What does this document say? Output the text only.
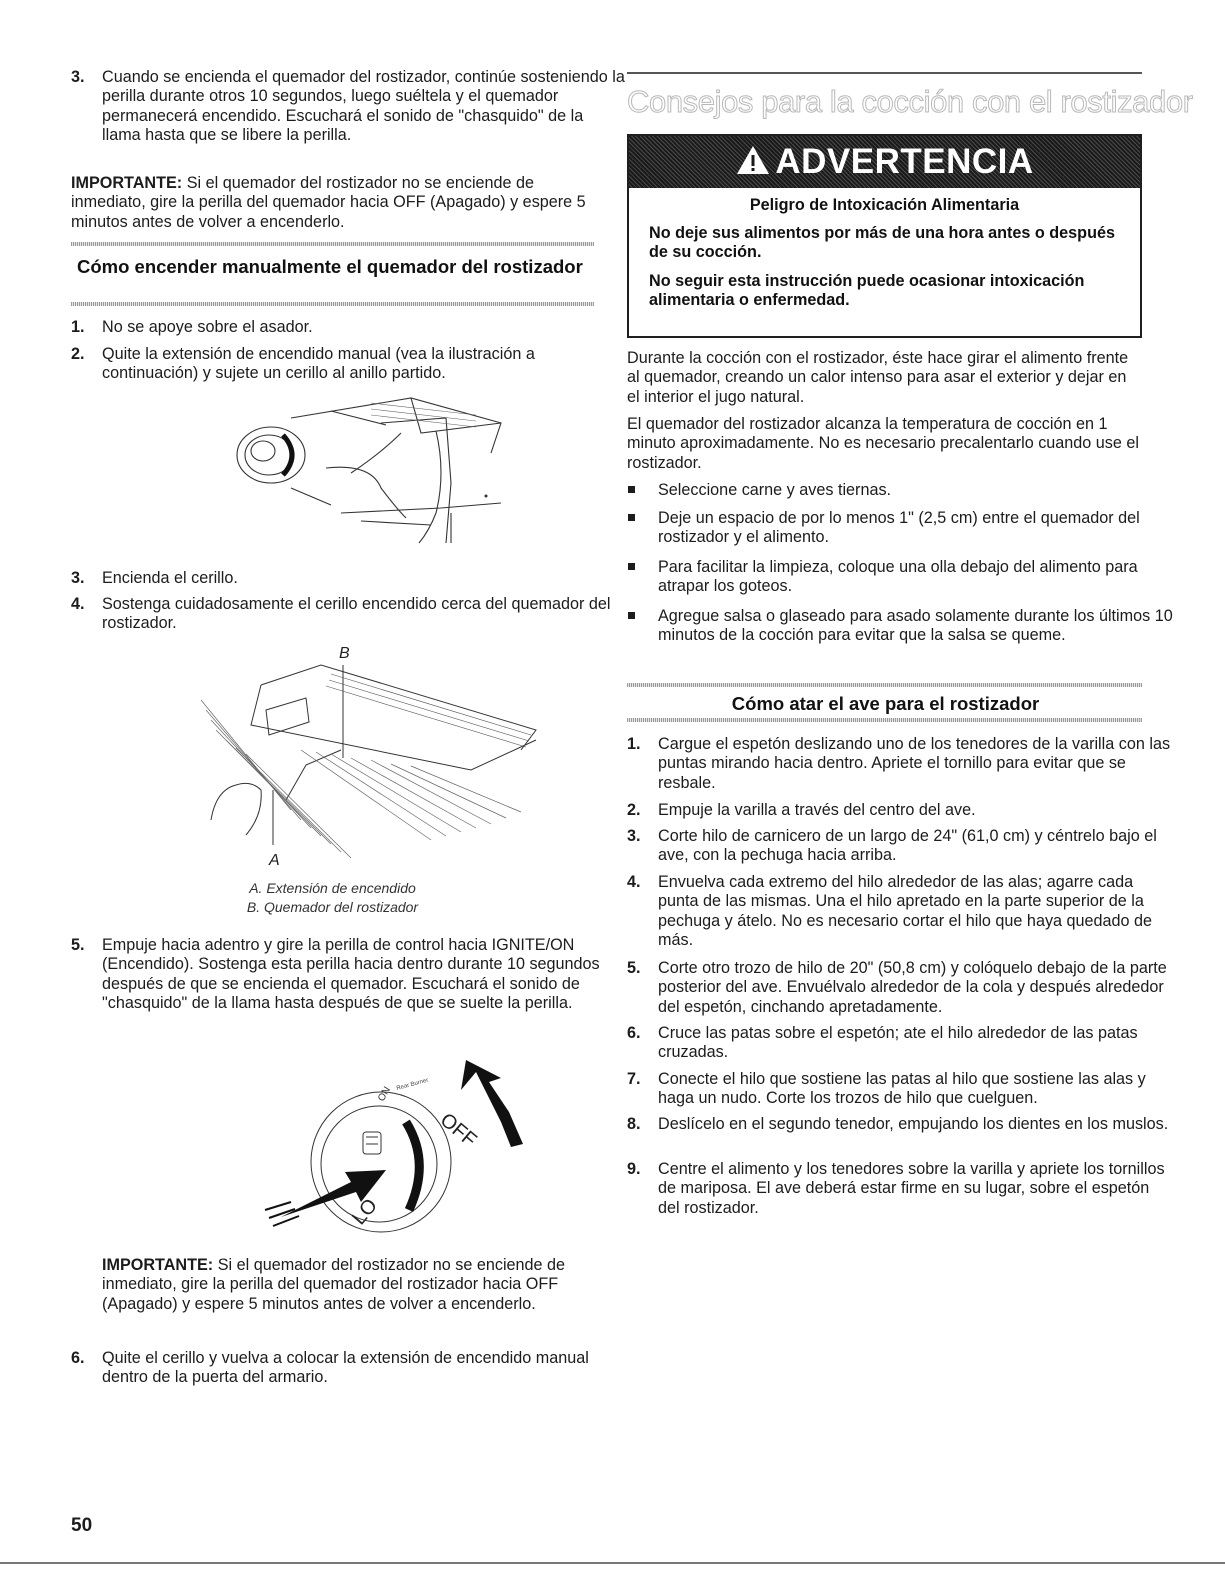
3. Cuando se encienda el quemador del rostizador, continúe sosteniendo la perilla durante otros 10 segundos, luego suéltela y el quemador permanecerá encendido. Escuchará el sonido de "chasquido" de la llama hasta que se libere la perilla.

IMPORTANTE: Si el quemador del rostizador no se enciende de inmediato, gire la perilla del quemador hacia OFF (Apagado) y espere 5 minutos antes de volver a encenderlo.

Cómo encender manualmente el quemador del rostizador
1. No se apoye sobre el asador.
2. Quite la extensión de encendido manual (vea la ilustración a continuación) y sujete un cerillo al anillo partido.
3. Encienda el cerillo.
4. Sostenga cuidadosamente el cerillo encendido cerca del quemador del rostizador.
B
A

A. Extensión de encendido

B. Quemador del rostizador

5. Empuje hacia adentro y gire la perilla de control hacia IGNITE/ON (Encendido). Sostenga esta perilla hacia dentro durante 10 segundos después de que se encienda el quemador. Escuchará el sonido de "chasquido" de la llama hasta después de que se suelte la perilla.
OFF
LO
ON
Rear Burner

IMPORTANTE: Si el quemador del rostizador no se enciende de inmediato, gire la perilla del quemador del rostizador hacia OFF (Apagado) y espere 5 minutos antes de volver a encenderlo.

6. Quite el cerillo y vuelva a colocar la extensión de encendido manual dentro de la puerta del armario.
Consejos para la cocción con el rostizador
ADVERTENCIA

Peligro de Intoxicación Alimentaria

No deje sus alimentos por más de una hora antes o después de su cocción.

No seguir esta instrucción puede ocasionar intoxicación alimentaria o enfermedad.

Durante la cocción con el rostizador, éste hace girar el alimento frente al quemador, creando un calor intenso para asar el exterior y dejar en el interior el jugo natural.

El quemador del rostizador alcanza la temperatura de cocción en 1 minuto aproximadamente. No es necesario precalentarlo cuando use el rostizador.

Seleccione carne y aves tiernas.
Deje un espacio de por lo menos 1" (2,5 cm) entre el quemador del rostizador y el alimento.
Para facilitar la limpieza, coloque una olla debajo del alimento para atrapar los goteos.
Agregue salsa o glaseado para asado solamente durante los últimos 10 minutos de la cocción para evitar que la salsa se queme.
Cómo atar el ave para el rostizador
1. Cargue el espetón deslizando uno de los tenedores de la varilla con las puntas mirando hacia dentro. Apriete el tornillo para evitar que se resbale.
2. Empuje la varilla a través del centro del ave.
3. Corte hilo de carnicero de un largo de 24" (61,0 cm) y céntrelo bajo el ave, con la pechuga hacia arriba.
4. Envuelva cada extremo del hilo alrededor de las alas; agarre cada punta de las mismas. Una el hilo apretado en la parte superior de la pechuga y átelo. No es necesario cortar el hilo que haya quedado de más.
5. Corte otro trozo de hilo de 20" (50,8 cm) y colóquelo debajo de la parte posterior del ave. Envuélvalo alrededor de la cola y después alrededor del espetón, cinchando apretadamente.
6. Cruce las patas sobre el espetón; ate el hilo alrededor de las patas cruzadas.
7. Conecte el hilo que sostiene las patas al hilo que sostiene las alas y haga un nudo. Corte los trozos de hilo que cuelguen.
8. Deslícelo en el segundo tenedor, empujando los dientes en los muslos.
9. Centre el alimento y los tenedores sobre la varilla y apriete los tornillos de mariposa. El ave deberá estar firme en su lugar, sobre el espetón del rostizador.
50
